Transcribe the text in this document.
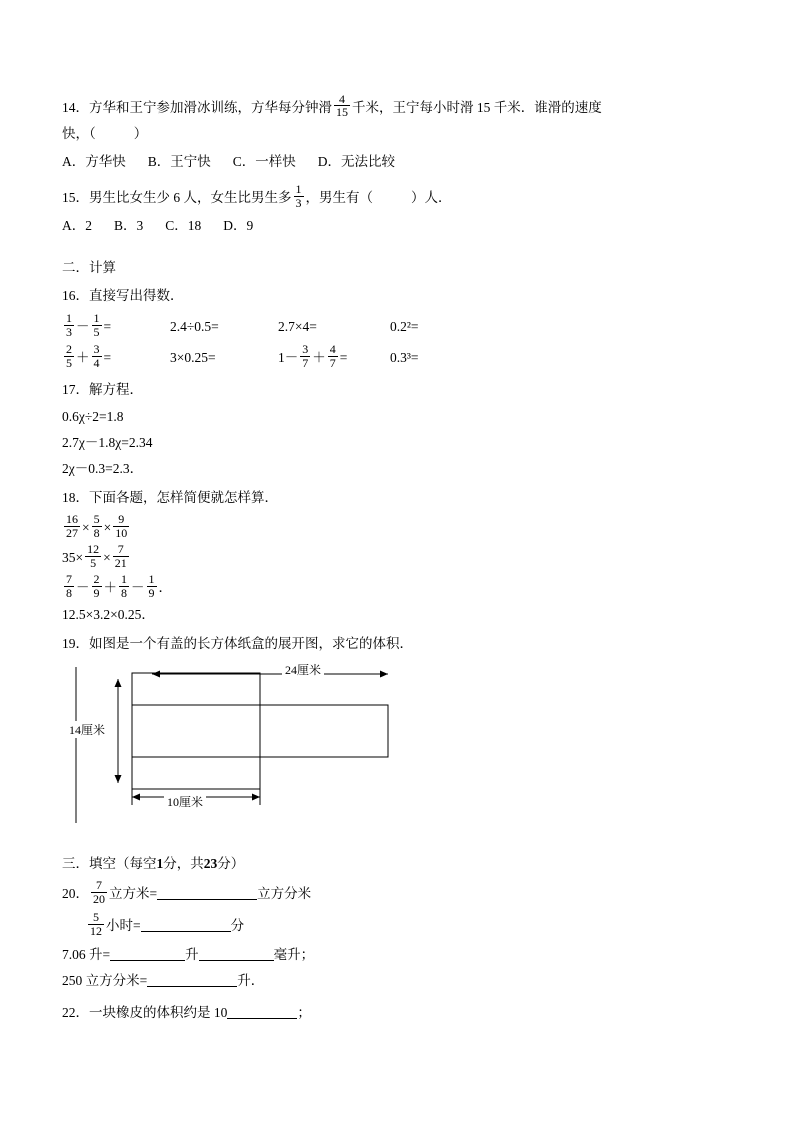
14．方华和王宁参加滑冰训练，方华每分钟滑 $\frac{4}{15}$ 千米，王宁每小时滑 15 千米．谁滑的速度
快，（	）
A．方华快 B．王宁快 C．一样快 D．无法比较
15．男生比女生少 6 人，女生比男生多 $\frac{1}{3}$ ，男生有（	）人．
A．2 B．3 C．18 D．9
二．计算
16．直接写出得数．
$\frac{1}{3} - \frac{1}{5}$ =	2.4÷0.5=	2.7×4=	0.2²=
$\frac{2}{5} + \frac{3}{4}$ =	3×0.25=	$1- \frac{3}{7} + \frac{4}{7}$ =	0.3³=
17．解方程．
0.6χ÷2=1.8
2.7χ－1.8χ=2.34
2χ－0.3=2.3．
18．下面各题，怎样简便就怎样算．
$\frac{16}{27} \times \frac{5}{8} \times \frac{9}{10}$
$35\times \frac{12}{5} \times \frac{7}{21}$
$\frac{7}{8} - \frac{2}{9} + \frac{1}{8} - \frac{1}{9}$ ．
12.5×3.2×0.25．
19．如图是一个有盖的长方体纸盒的展开图，求它的体积．
24厘米
14厘米
10厘米
三．填空（每空1分，共23分）
20． $\frac{7}{20}$ 立方米=	立方分米
$\frac{5}{12}$ 小时=	分
7.06 升=	升	毫升；
250 立方分米=	升．
22．一块橡皮的体积约是 10	；
